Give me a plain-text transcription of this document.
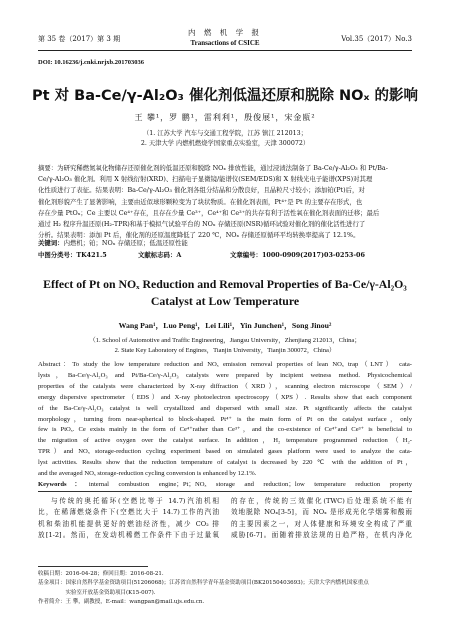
第 35 卷（2017）第 3 期
内 燃 机 学 报
Transactions of CSICE	Vol.35（2017）No.3
DOI: 10.16236/j.cnki.nrjxb.201703036
Pt 对 Ba-Ce/γ-Al₂O₃ 催化剂低温还原和脱除 NOₓ 的影响
王 攀¹，罗 鹏¹，雷利利¹，殷俊展¹，宋金瓯²
（1. 江苏大学 汽车与交通工程学院，江苏 镇江 212013；
2. 天津大学 内燃机燃烧学国家重点实验室，天津 300072）
摘要：为研究稀燃氮氧化物储存还原催化剂的低温还原和脱除 NOₓ 排放性能，通过浸渍法制备了 Ba-Ce/γ-Al₂O₃ 和 Pt/Ba-
Ce/γ-Al₂O₃ 催化剂。利用 X 射线衍射(XRD)、扫描电子显微镜/能谱仪(SEM/EDS)和 X 射线光电子能谱(XPS)对其理
化性质进行了表征。结果表明：Ba-Ce/γ-Al₂O₃ 催化剂各组分结晶和分散良好，且晶粒尺寸较小；添加铂(Pt)后，对
催化剂形貌产生了显著影响，主要由近似球形颗粒变为了块状物质。在催化剂表面，Pt⁴⁺是 Pt 的主要存在形式，也
存在少量 PtOₓ；Ce 主要以 Ce⁴⁺存在，且存在少量 Ce³⁺，Ce⁴⁺和 Ce³⁺的共存有利于活性氧在催化剂表面的迁移；最后
通过 H₂ 程序升温还原(H₂-TPR)和基于模拟气试验平台的 NOₓ 存储还原(NSR)循环试验对催化剂的催化活性进行了
分析。结果表明：添加 Pt 后，催化剂的还原温度降低了 220 ℃，NOₓ 存储还原循环平均转换率提高了 12.1%。
关键词：内燃机；铂；NOₓ 存储还原；低温还原性能
中图分类号：TK421.5	文献标志码：A	文章编号：1000-0909(2017)03-0253-06
Effect of Pt on NOₓ Reduction and Removal Properties of Ba-Ce/γ-Al₂O₃
Catalyst at Low Temperature
Wang Pan¹，Luo Peng¹，Lei Lili¹，Yin Junchen¹，Song Jinou²
（1. School of Automotive and Traffic Engineering，Jiangsu University，Zhenjiang 212013，China；
2. State Key Laboratory of Engines，Tianjin University，Tianjin 300072，China）
Abstract：To study the low temperature reduction and NOₓ emission removal properties of lean NOₓ trap（LNT） cata-
lysts，Ba-Ce/γ-Al₂O₃ and Pt/Ba-Ce/γ-Al₂O₃ catalysts were prepared by incipient wetness method. Physicochemical
properties of the catalysts were characterized by X-ray diffraction（XRD），scanning electron microscope（SEM）/
energy dispersive spectrometer（EDS）and X-ray photoelectron spectroscopy（XPS）. Results show that each component
of the Ba-Ce/γ-Al₂O₃ catalyst is well crystallized and dispersed with small size. Pt significantly affects the catalyst
morphology，turning from near-spherical to block-shaped. Pt⁴⁺ is the main form of Pt on the catalyst surface，only
few is PtOₓ. Ce exists mainly in the form of Ce⁴⁺rather than Ce³⁺，and the co-existence of Ce⁴⁺and Ce³⁺ is beneficial to
the migration of active oxygen over the catalyst surface. In addition，H₂ temperature programmed reduction（H₂-
TPR）and NOₓ storage-reduction cycling experiment based on simulated gases platform were used to analyze the cata-
lyst activities. Results show that the reduction temperature of catalyst is decreased by 220 ℃ with the addition of Pt，
and the averaged NOₓ storage-reduction cycling conversion is enhanced by 12.1%.
Keywords：internal combustion engine；Pt；NOₓ storage and reduction；low temperature reduction property
与传统的奥托循环(空燃比等于 14.7)汽油机相
比，在稀薄燃烧条件下(空燃比大于 14.7)工作的汽油
机和柴油机能提供更好的燃油经济性，减少 CO₂ 排
放[1-2]。然而，在发动机稀燃工作条件下由于过量氧
的存在，传统的三效催化(TWC)后处理系统不能有
效地脱除 NOₓ[3-5]，而 NOₓ 是形成光化学烟雾和酸雨
的主要因素之一，对人体健康和环境安全构成了严重
威胁[6-7]。面随着排放法规的日趋严格，在机内净化
收稿日期：2016-04-28；修回日期：2016-08-21.
基金项目：国家自然科学基金资助项目(51206068)；江苏省自然科学青年基金资助项目(BK20150403693)；天津大学内燃机国家重点
　　　　　实验室开放基金资助项目(K15-007).
作者简介：王 攀，副教授，E-mail：wangpan@mail.ujs.edu.cn.
